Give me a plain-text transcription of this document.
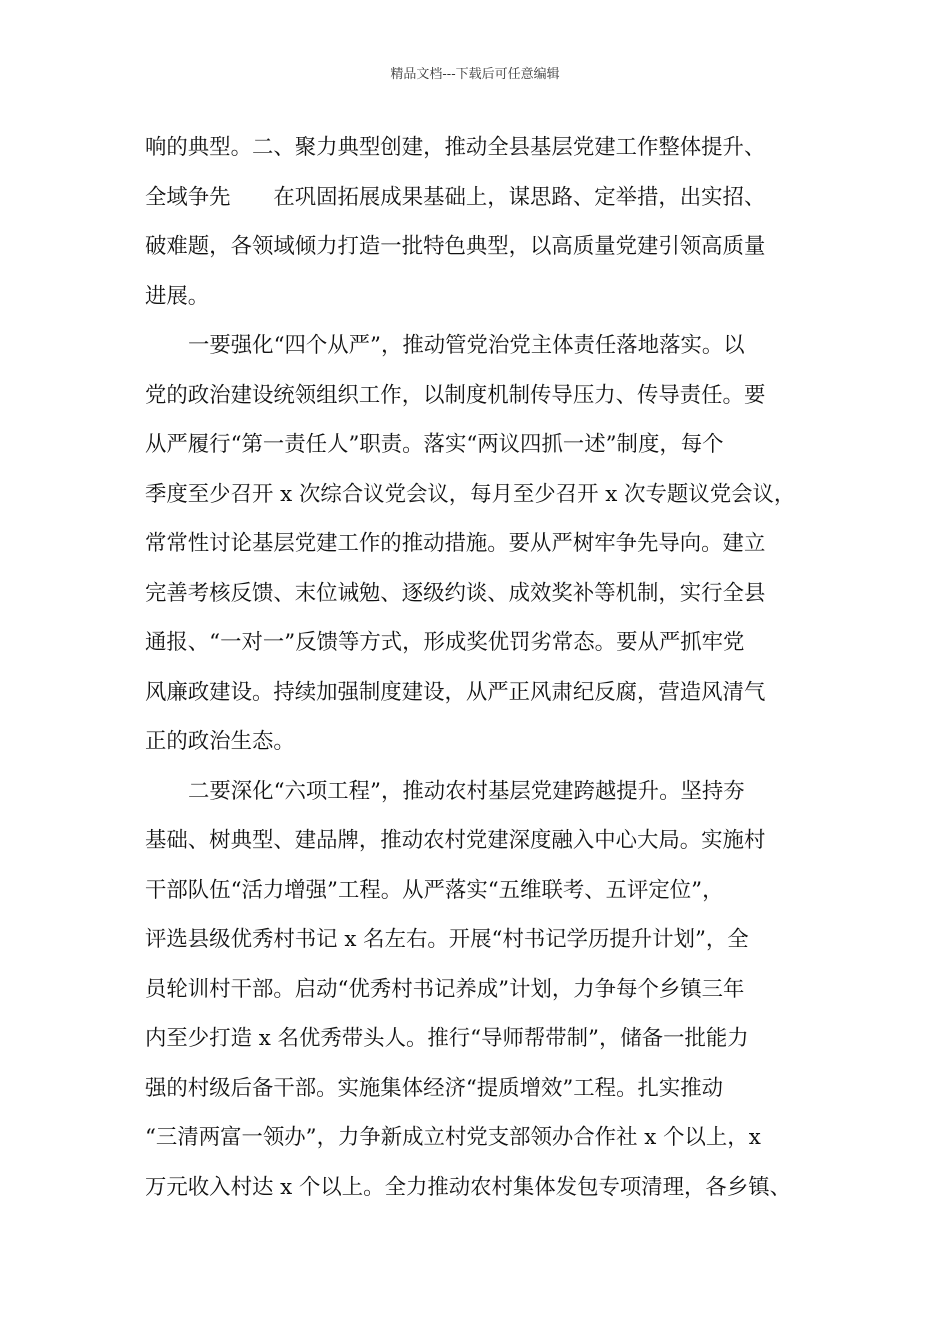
精品文档---下载后可任意编辑
响的典型。二、聚力典型创建，推动全县基层党建工作整体提升、
全域争先　　在巩固拓展成果基础上，谋思路、定举措，出实招、
破难题，各领域倾力打造一批特色典型，以高质量党建引领高质量
进展。
一要强化“四个从严”，推动管党治党主体责任落地落实。以
党的政治建设统领组织工作，以制度机制传导压力、传导责任。要
从严履行“第一责任人”职责。落实“两议四抓一述”制度，每个
季度至少召开 x 次综合议党会议，每月至少召开 x 次专题议党会议，
常常性讨论基层党建工作的推动措施。要从严树牢争先导向。建立
完善考核反馈、末位诫勉、逐级约谈、成效奖补等机制，实行全县
通报、“一对一”反馈等方式，形成奖优罚劣常态。要从严抓牢党
风廉政建设。持续加强制度建设，从严正风肃纪反腐，营造风清气
正的政治生态。
二要深化“六项工程”，推动农村基层党建跨越提升。坚持夯
基础、树典型、建品牌，推动农村党建深度融入中心大局。实施村
干部队伍“活力增强”工程。从严落实“五维联考、五评定位”，
评选县级优秀村书记 x 名左右。开展“村书记学历提升计划”，全
员轮训村干部。启动“优秀村书记养成”计划，力争每个乡镇三年
内至少打造 x 名优秀带头人。推行“导师帮带制”，储备一批能力
强的村级后备干部。实施集体经济“提质增效”工程。扎实推动
“三清两富一领办”，力争新成立村党支部领办合作社 x 个以上，x
万元收入村达 x 个以上。全力推动农村集体发包专项清理，各乡镇、
